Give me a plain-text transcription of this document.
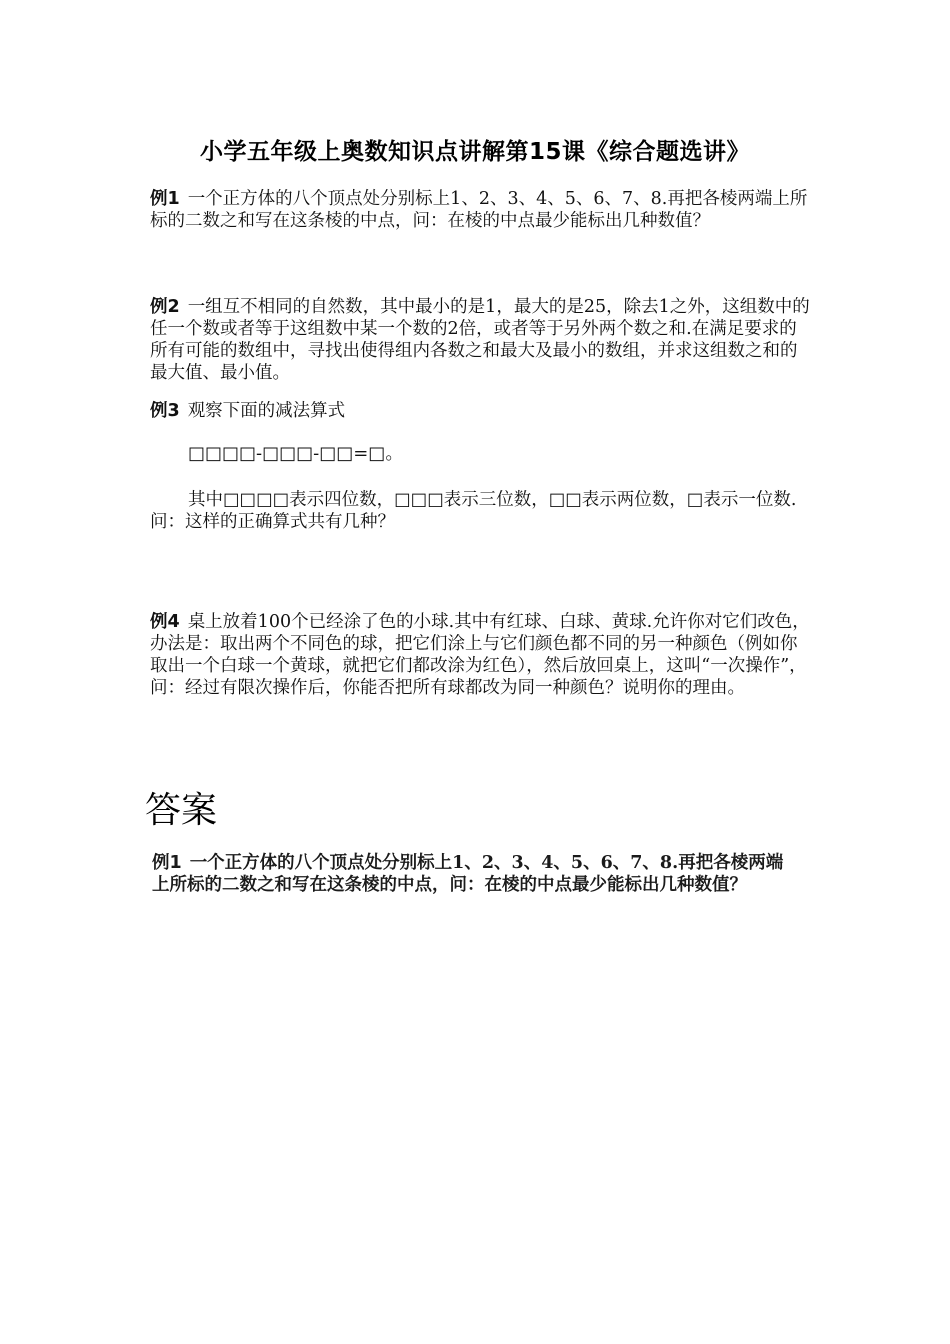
小学五年级上奥数知识点讲解第15课《综合题选讲》
例1 一个正方体的八个顶点处分别标上1、2、3、4、5、6、7、8.再把各棱两端上所标的二数之和写在这条棱的中点，问：在棱的中点最少能标出几种数值？
例2 一组互不相同的自然数，其中最小的是1，最大的是25，除去1之外，这组数中的任一个数或者等于这组数中某一个数的2倍，或者等于另外两个数之和.在满足要求的所有可能的数组中，寻找出使得组内各数之和最大及最小的数组，并求这组数之和的最大值、最小值。
例3 观察下面的减法算式
□□□□-□□□-□□=□。
其中□□□□表示四位数，□□□表示三位数，□□表示两位数，□表示一位数.问：这样的正确算式共有几种？
例4 桌上放着100个已经涂了色的小球.其中有红球、白球、黄球.允许你对它们改色，办法是：取出两个不同色的球，把它们涂上与它们颜色都不同的另一种颜色（例如你取出一个白球一个黄球，就把它们都改涂为红色），然后放回桌上，这叫“一次操作”，问：经过有限次操作后，你能否把所有球都改为同一种颜色？说明你的理由。
答案
例1 一个正方体的八个顶点处分别标上1、2、3、4、5、6、7、8.再把各棱两端上所标的二数之和写在这条棱的中点，问：在棱的中点最少能标出几种数值？
